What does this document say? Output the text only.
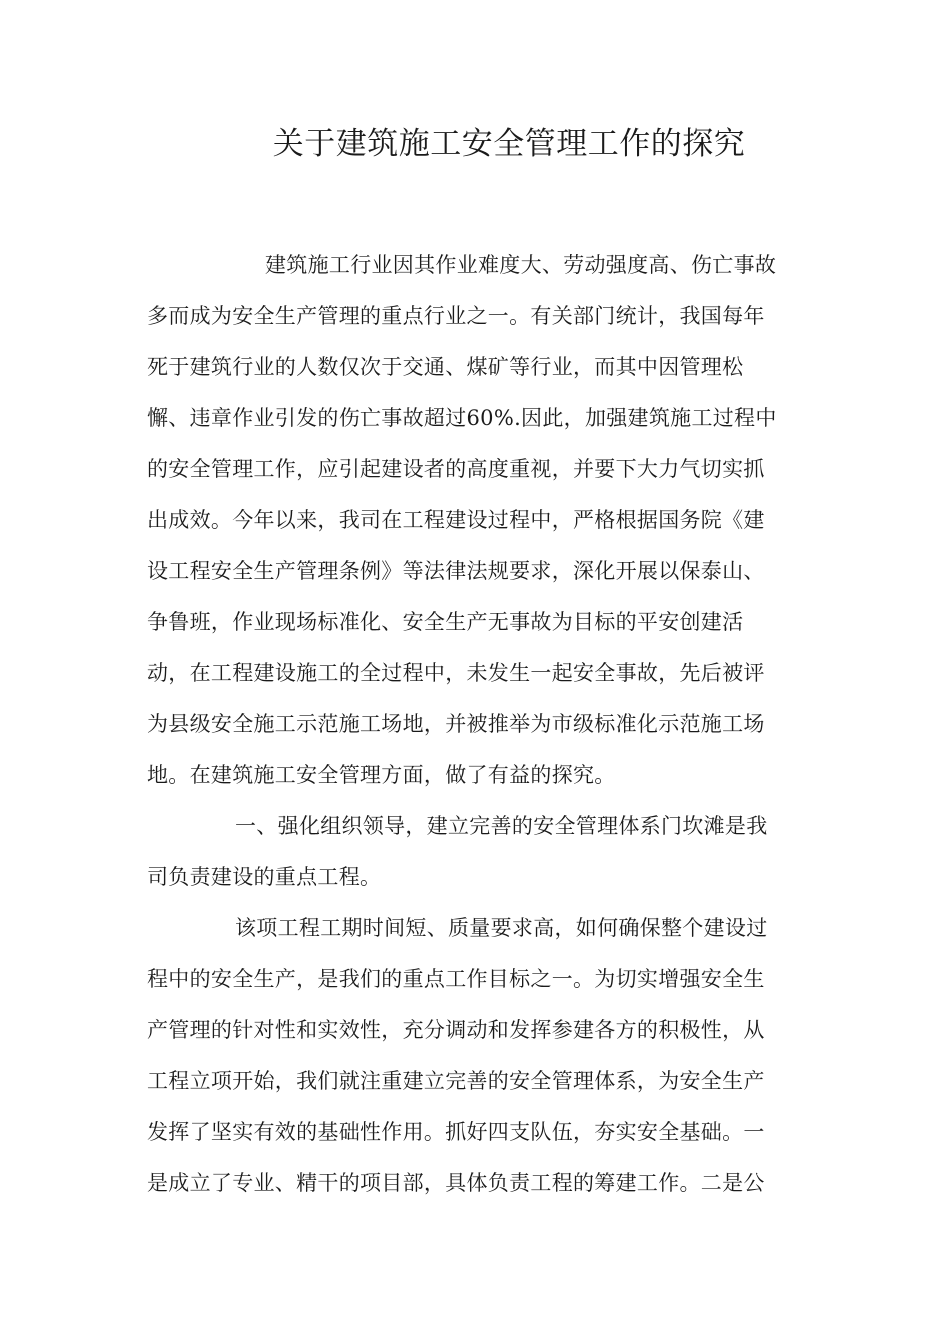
关于建筑施工安全管理工作的探究
建筑施工行业因其作业难度大、劳动强度高、伤亡事故
多而成为安全生产管理的重点行业之一。有关部门统计，我国每年
死于建筑行业的人数仅次于交通、煤矿等行业，而其中因管理松
懈、违章作业引发的伤亡事故超过60%.因此，加强建筑施工过程中
的安全管理工作，应引起建设者的高度重视，并要下大力气切实抓
出成效。今年以来，我司在工程建设过程中，严格根据国务院《建
设工程安全生产管理条例》等法律法规要求，深化开展以保泰山、
争鲁班，作业现场标准化、安全生产无事故为目标的平安创建活
动，在工程建设施工的全过程中，未发生一起安全事故，先后被评
为县级安全施工示范施工场地，并被推举为市级标准化示范施工场
地。在建筑施工安全管理方面，做了有益的探究。
一、强化组织领导，建立完善的安全管理体系门坎滩是我
司负责建设的重点工程。
该项工程工期时间短、质量要求高，如何确保整个建设过
程中的安全生产，是我们的重点工作目标之一。为切实增强安全生
产管理的针对性和实效性，充分调动和发挥参建各方的积极性，从
工程立项开始，我们就注重建立完善的安全管理体系，为安全生产
发挥了坚实有效的基础性作用。抓好四支队伍，夯实安全基础。一
是成立了专业、精干的项目部，具体负责工程的筹建工作。二是公
